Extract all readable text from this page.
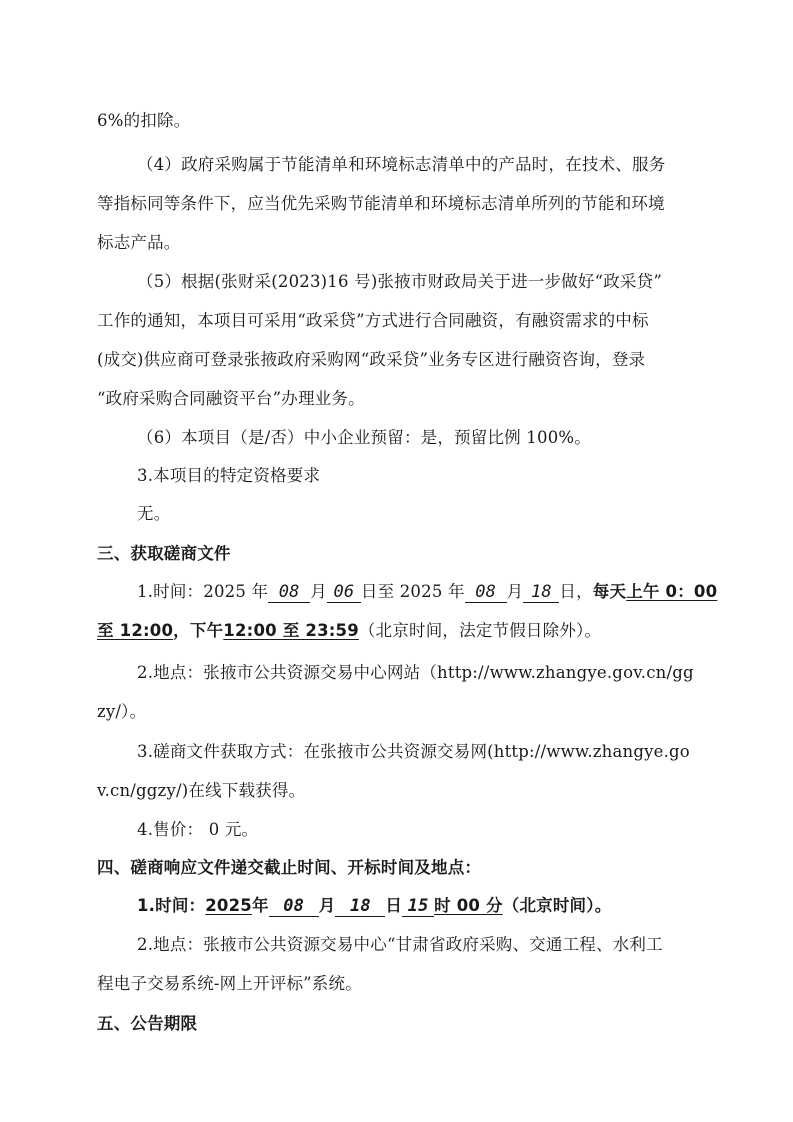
6%的扣除。
（4）政府采购属于节能清单和环境标志清单中的产品时，在技术、服务
等指标同等条件下，应当优先采购节能清单和环境标志清单所列的节能和环境
标志产品。
（5）根据(张财采(2023)16 号)张掖市财政局关于进一步做好“政采贷”
工作的通知，本项目可采用“政采贷”方式进行合同融资，有融资需求的中标
(成交)供应商可登录张掖政府采购网“政采贷”业务专区进行融资咨询，登录
“政府采购合同融资平台”办理业务。
（6）本项目（是/否）中小企业预留：是，预留比例 100%。
3.本项目的特定资格要求
无。
三、获取磋商文件
1.时间：2025 年 08 月 06 日至 2025 年 08 月 18 日，每天上午 0：00
至 12:00，下午12:00 至 23:59（北京时间，法定节假日除外）。
2.地点：张掖市公共资源交易中心网站（http://www.zhangye.gov.cn/gg
zy/）。
3.磋商文件获取方式：在张掖市公共资源交易网(http://www.zhangye.go
v.cn/ggzy/)在线下载获得。
4.售价： 0 元。
四、磋商响应文件递交截止时间、开标时间及地点：
1.时间：2025年 08 月 18 日 15 时 00 分（北京时间）。
2.地点：张掖市公共资源交易中心“甘肃省政府采购、交通工程、水利工
程电子交易系统-网上开评标”系统。
五、公告期限
